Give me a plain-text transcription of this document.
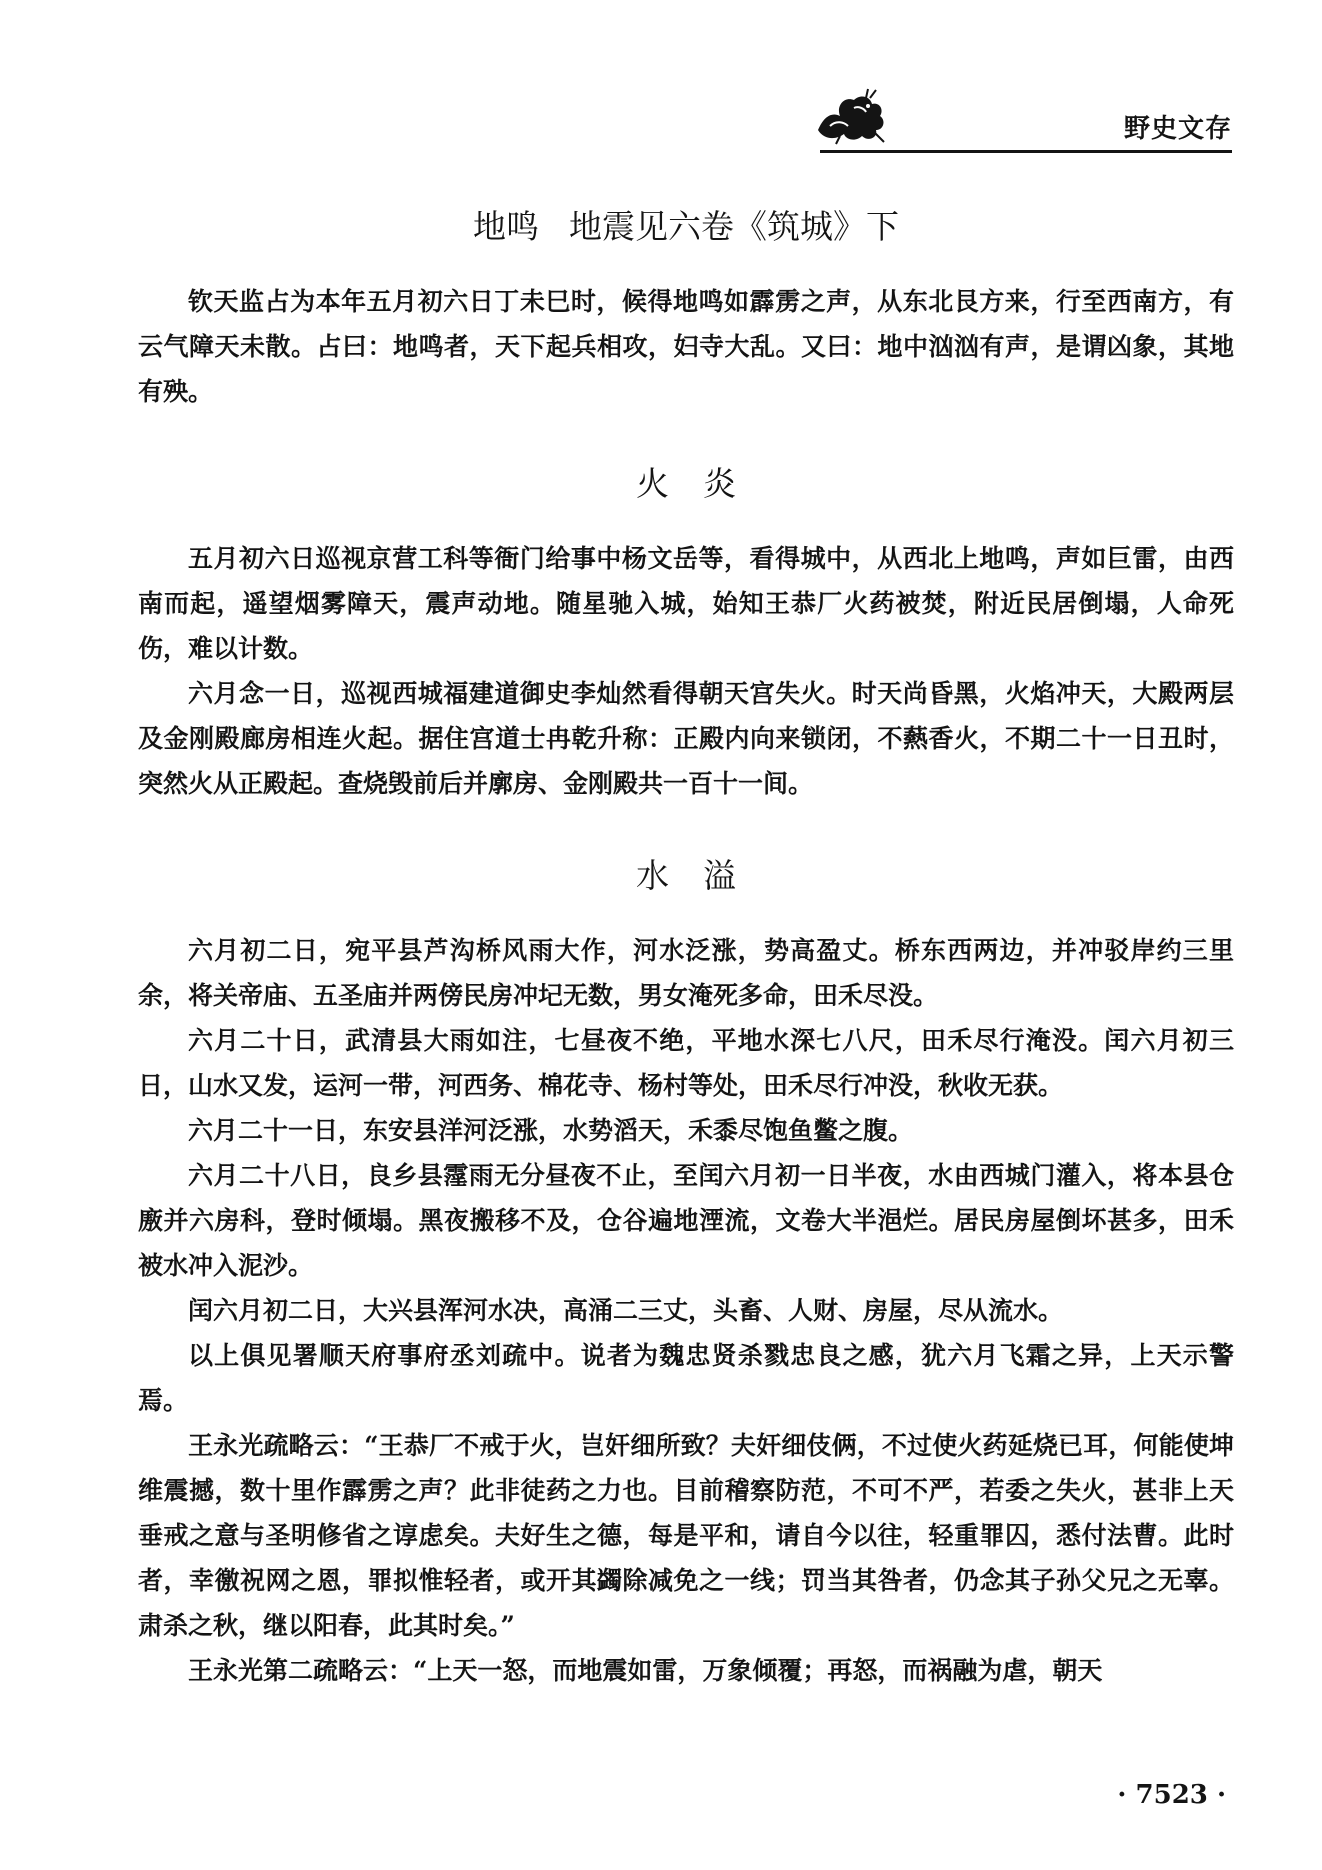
野史文存
地鸣 地震见六卷《筑城》下

钦天监占为本年五月初六日丁未巳时，候得地鸣如霹雳之声，从东北艮方来，行至西南方，有云气障天未散。占曰：地鸣者，天下起兵相攻，妇寺大乱。又曰：地中汹汹有声，是谓凶象，其地有殃。

火炎

五月初六日巡视京营工科等衙门给事中杨文岳等，看得城中，从西北上地鸣，声如巨雷，由西南而起，遥望烟雾障天，震声动地。随星驰入城，始知王恭厂火药被焚，附近民居倒塌，人命死伤，难以计数。

六月念一日，巡视西城福建道御史李灿然看得朝天宫失火。时天尚昏黑，火焰冲天，大殿两层及金刚殿廊房相连火起。据住宫道士冉乾升称：正殿内向来锁闭，不爇香火，不期二十一日丑时，突然火从正殿起。查烧毁前后并廓房、金刚殿共一百十一间。

水溢

六月初二日，宛平县芦沟桥风雨大作，河水泛涨，势高盈丈。桥东西两边，并冲驳岸约三里余，将关帝庙、五圣庙并两傍民房冲圮无数，男女淹死多命，田禾尽没。

六月二十日，武清县大雨如注，七昼夜不绝，平地水深七八尺，田禾尽行淹没。闰六月初三日，山水又发，运河一带，河西务、棉花寺、杨村等处，田禾尽行冲没，秋收无获。

六月二十一日，东安县洋河泛涨，水势滔天，禾黍尽饱鱼鳖之腹。

六月二十八日，良乡县霪雨无分昼夜不止，至闰六月初一日半夜，水由西城门灌入，将本县仓廒并六房科，登时倾塌。黑夜搬移不及，仓谷遍地湮流，文卷大半浥烂。居民房屋倒坏甚多，田禾被水冲入泥沙。

闰六月初二日，大兴县浑河水决，高涌二三丈，头畜、人财、房屋，尽从流水。

以上俱见署顺天府事府丞刘疏中。说者为魏忠贤杀戮忠良之感，犹六月飞霜之异，上天示警焉。

王永光疏略云：“王恭厂不戒于火，岂奸细所致？夫奸细伎俩，不过使火药延烧已耳，何能使坤维震撼，数十里作霹雳之声？此非徒药之力也。目前稽察防范，不可不严，若委之失火，甚非上天垂戒之意与圣明修省之谆虑矣。夫好生之德，每是平和，请自今以往，轻重罪囚，悉付法曹。此时者，幸徼祝网之恩，罪拟惟轻者，或开其蠲除减免之一线；罚当其咎者，仍念其子孙父兄之无辜。肃杀之秋，继以阳春，此其时矣。”

王永光第二疏略云：“上天一怒，而地震如雷，万象倾覆；再怒，而祸融为虐，朝天

· 7523 ·
